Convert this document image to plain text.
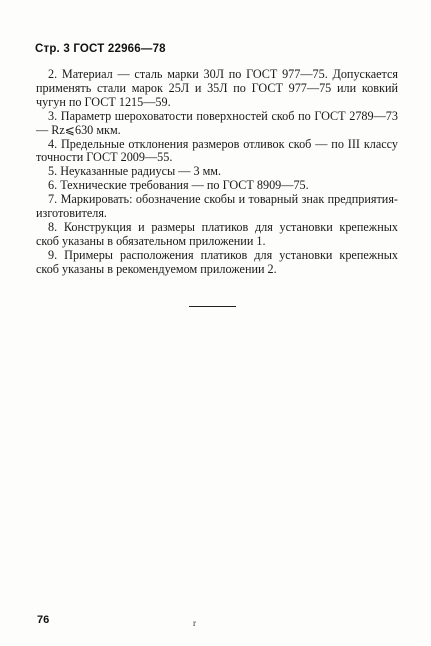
Стр. 3 ГОСТ 22966—78

2. Материал — сталь марки 30Л по ГОСТ 977—75. Допускается применять стали марок 25Л и 35Л по ГОСТ 977—75 или ковкий чугун по ГОСТ 1215—59.

3. Параметр шероховатости поверхностей скоб по ГОСТ 2789—73 — Rz⩽630 мкм.

4. Предельные отклонения размеров отливок скоб — по III классу точности ГОСТ 2009—55.

5. Неуказанные радиусы — 3 мм.

6. Технические требования — по ГОСТ 8909—75.

7. Маркировать: обозначение скобы и товарный знак предприятия-изготовителя.

8. Конструкция и размеры платиков для установки крепежных скоб указаны в обязательном приложении 1.

9. Примеры расположения платиков для установки крепежных скоб указаны в рекомендуемом приложении 2.

76	r
